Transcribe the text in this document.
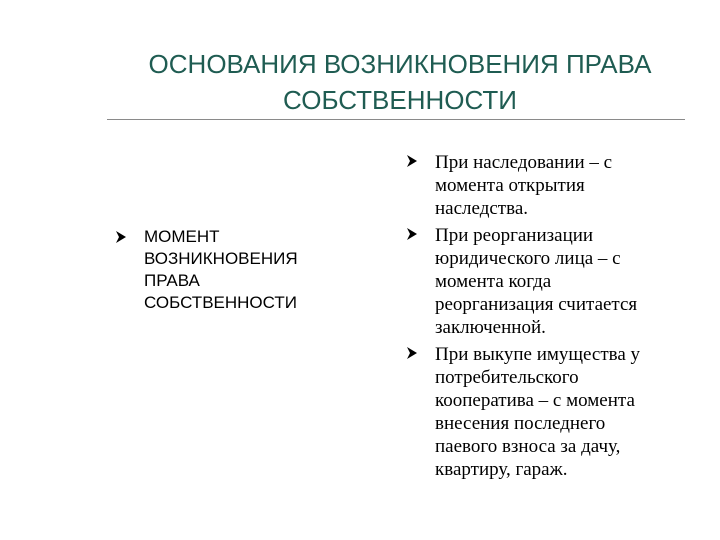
ОСНОВАНИЯ ВОЗНИКНОВЕНИЯ ПРАВА
СОБСТВЕННОСТИ
МОМЕНТ
ВОЗНИКНОВЕНИЯ
ПРАВА
СОБСТВЕННОСТИ
При наследовании – с
момента открытия
наследства.
При реорганизации
юридического лица – с
момента когда
реорганизация считается
заключенной.
При выкупе имущества у
потребительского
кооператива – с момента
внесения последнего
паевого взноса за дачу,
квартиру, гараж.
